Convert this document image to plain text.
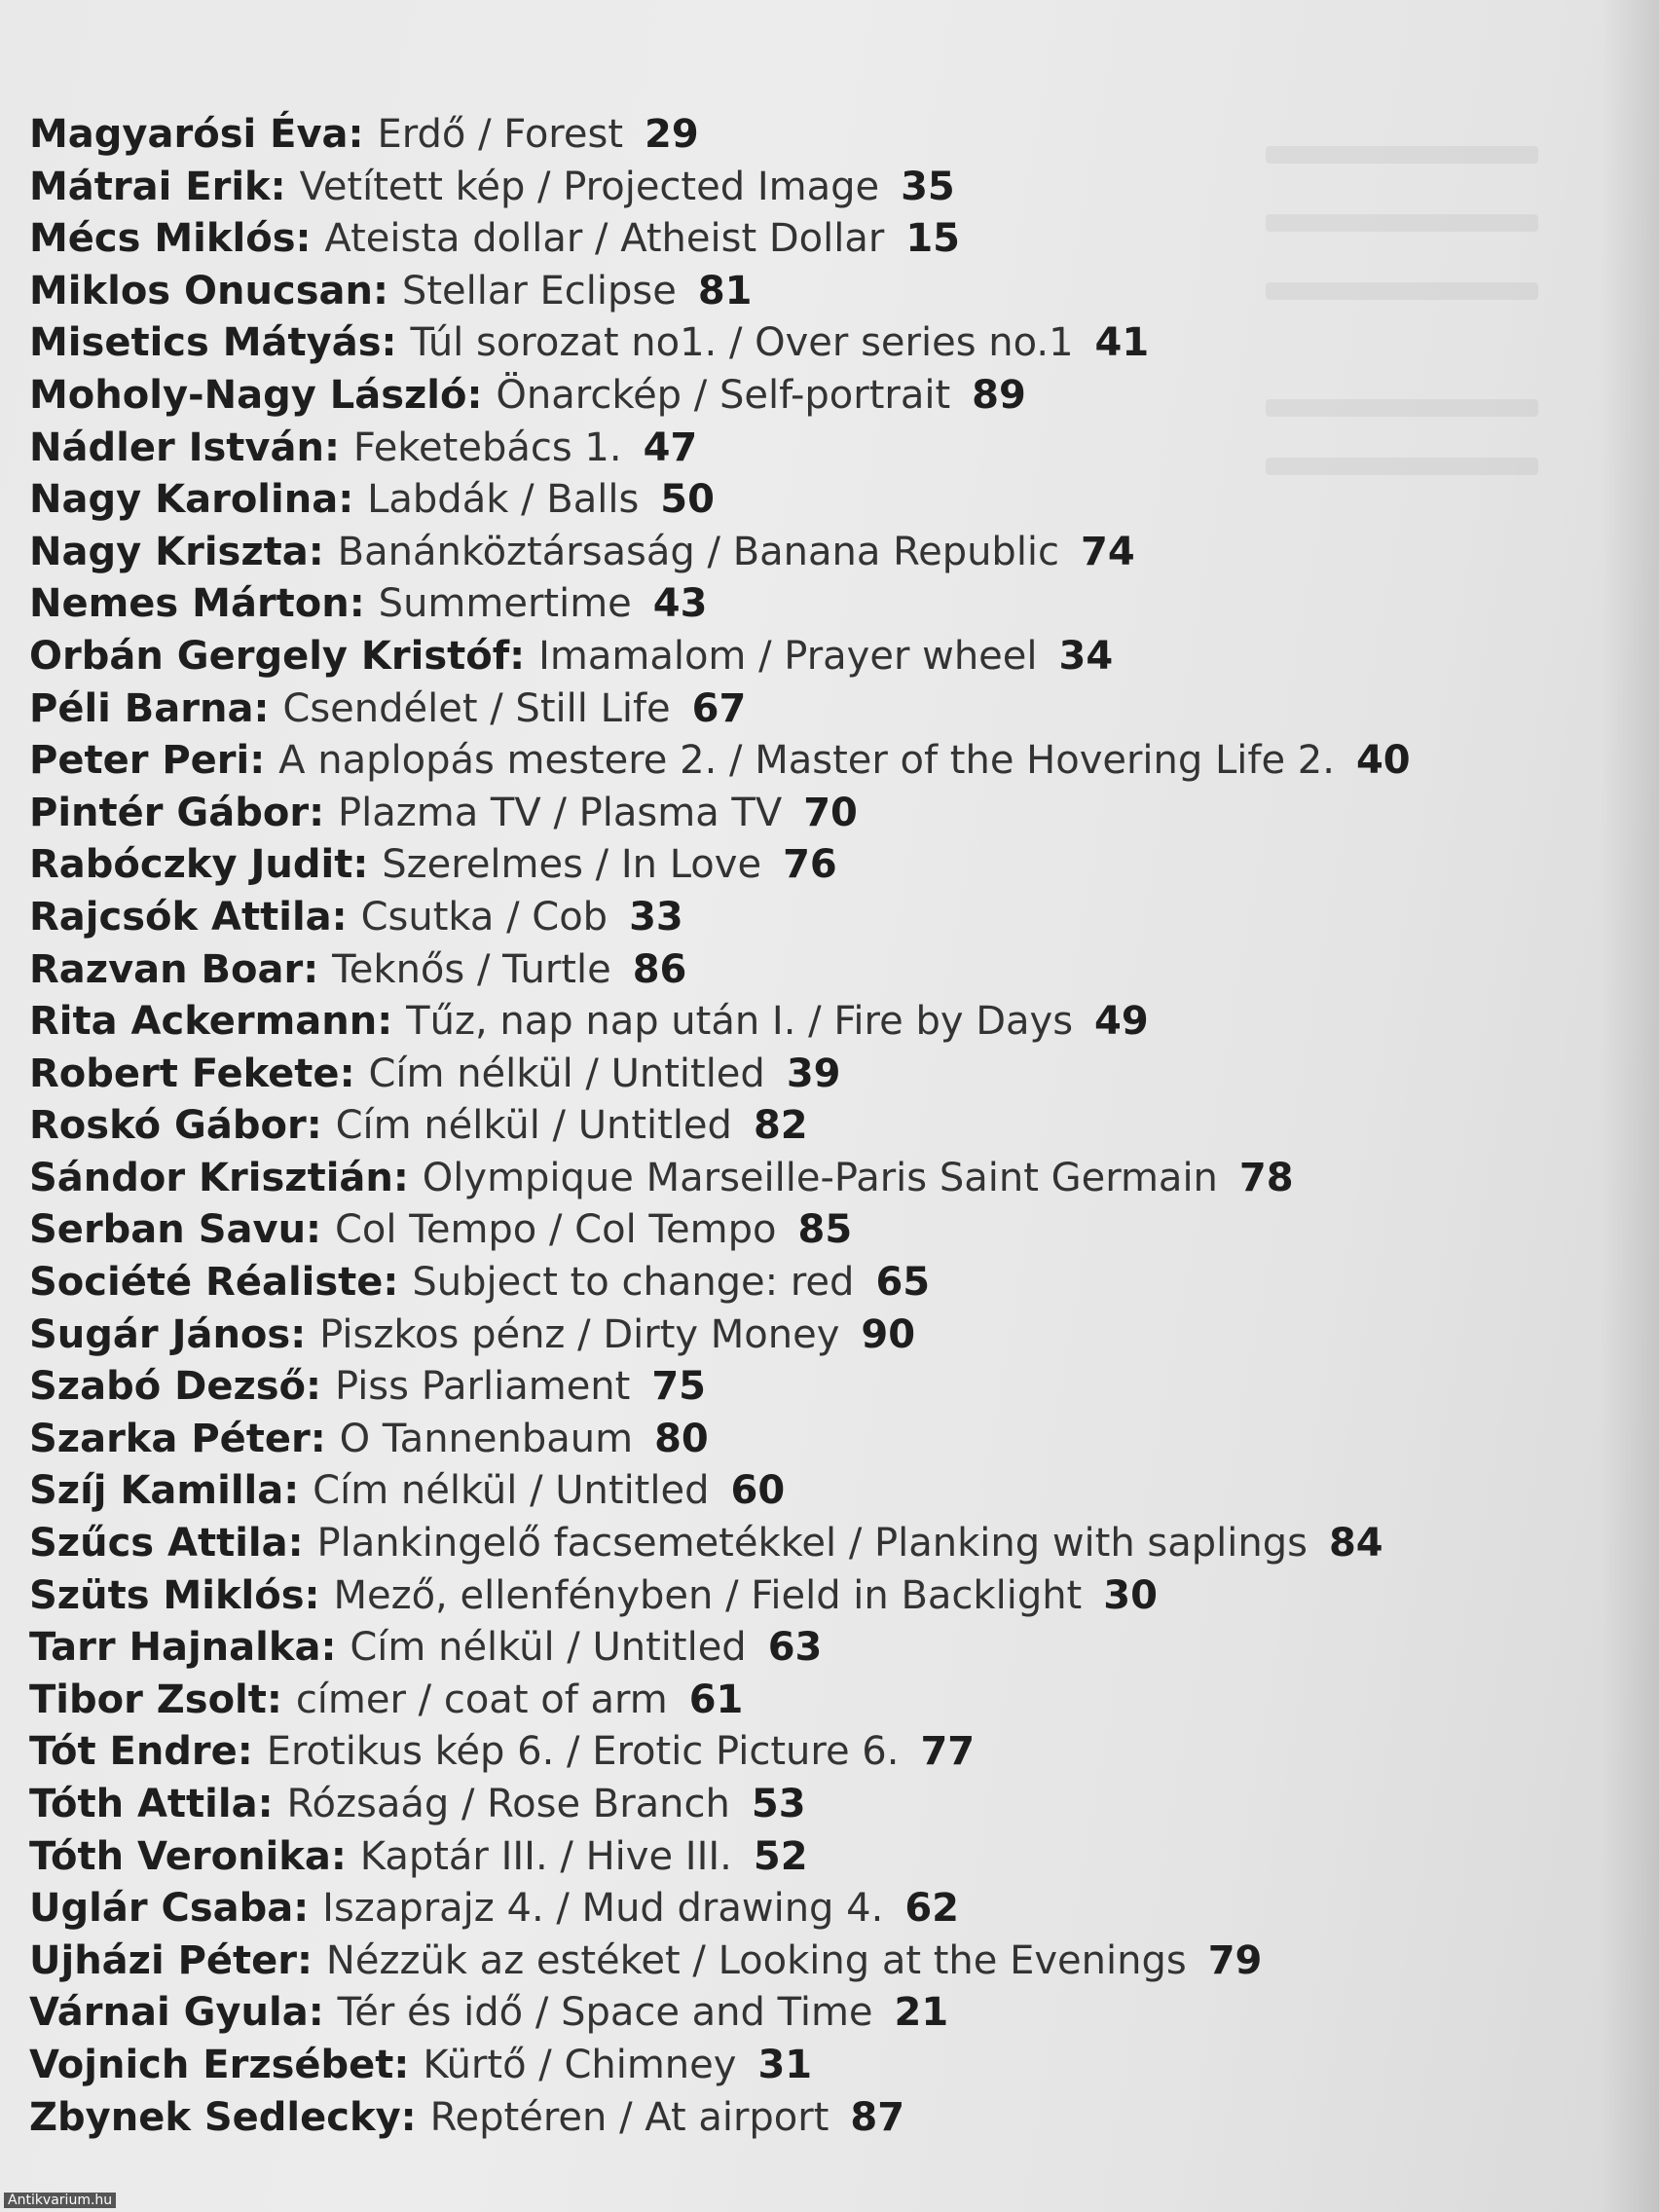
Magyarósi Éva: Erdő / Forest 29
Mátrai Erik: Vetített kép / Projected Image 35
Mécs Miklós: Ateista dollar / Atheist Dollar 15
Miklos Onucsan: Stellar Eclipse 81
Misetics Mátyás: Túl sorozat no1. / Over series no.1 41
Moholy-Nagy László: Önarckép / Self-portrait 89
Nádler István: Feketebács 1. 47
Nagy Karolina: Labdák / Balls 50
Nagy Kriszta: Banánköztársaság / Banana Republic 74
Nemes Márton: Summertime 43
Orbán Gergely Kristóf: Imamalom / Prayer wheel 34
Péli Barna: Csendélet / Still Life 67
Peter Peri: A naplopás mestere 2. / Master of the Hovering Life 2. 40
Pintér Gábor: Plazma TV / Plasma TV 70
Rabóczky Judit: Szerelmes / In Love 76
Rajcsók Attila: Csutka / Cob 33
Razvan Boar: Teknős / Turtle 86
Rita Ackermann: Tűz, nap nap után I. / Fire by Days 49
Robert Fekete: Cím nélkül / Untitled 39
Roskó Gábor: Cím nélkül / Untitled 82
Sándor Krisztián: Olympique Marseille-Paris Saint Germain 78
Serban Savu: Col Tempo / Col Tempo 85
Société Réaliste: Subject to change: red 65
Sugár János: Piszkos pénz / Dirty Money 90
Szabó Dezső: Piss Parliament 75
Szarka Péter: O Tannenbaum 80
Szíj Kamilla: Cím nélkül / Untitled 60
Szűcs Attila: Plankingelő facsemetékkel / Planking with saplings 84
Szüts Miklós: Mező, ellenfényben / Field in Backlight 30
Tarr Hajnalka: Cím nélkül / Untitled 63
Tibor Zsolt: címer / coat of arm 61
Tót Endre: Erotikus kép 6. / Erotic Picture 6. 77
Tóth Attila: Rózsaág / Rose Branch 53
Tóth Veronika: Kaptár III. / Hive III. 52
Uglár Csaba: Iszaprajz 4. / Mud drawing 4. 62
Ujházi Péter: Nézzük az estéket / Looking at the Evenings 79
Várnai Gyula: Tér és idő / Space and Time 21
Vojnich Erzsébet: Kürtő / Chimney 31
Zbynek Sedlecky: Reptéren / At airport 87
Antikvarium.hu
